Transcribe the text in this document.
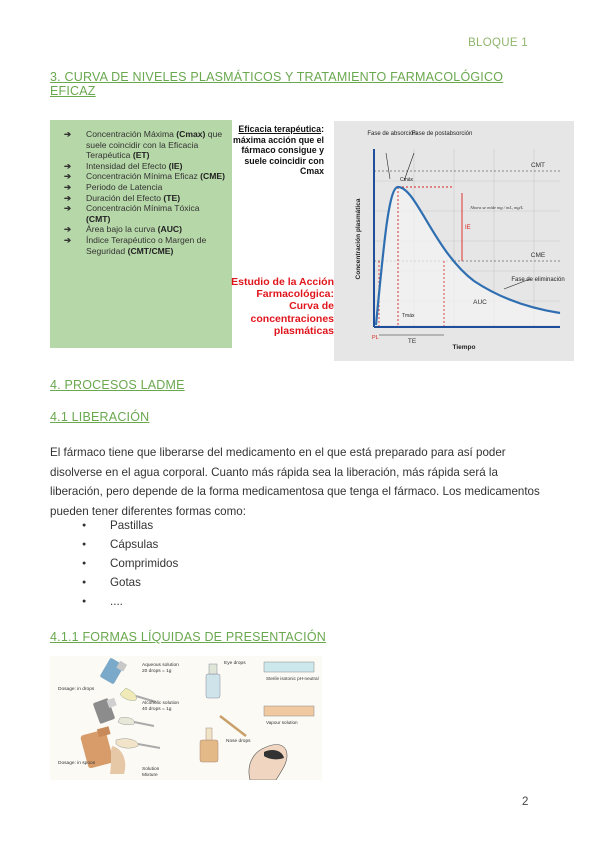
BLOQUE 1
3. CURVA DE NIVELES PLASMÁTICOS Y TRATAMIENTO FARMACOLÓGICO EFICAZ
➔ Concentración Máxima (Cmax) que suele coincidir con la Eficacia Terapéutica (ET)
➔ Intensidad del Efecto (IE)
➔ Concentración Mínima Eficaz (CME)
➔ Periodo de Latencia
➔ Duración del Efecto (TE)
➔ Concentración Mínima Tóxica (CMT)
➔ Área bajo la curva (AUC)
➔ Índice Terapéutico o Margen de Seguridad (CMT/CME)
Eficacia terapéutica: máxima acción que el fármaco consigue y suele coincidir con Cmax
Estudio de la Acción Farmacológica: Curva de concentraciones plasmáticas
Fase de absorción
Fase de postabsorción
CMT
CME
Fase de eliminación
AUC
IE
Cmáx
Tmáx
PL	TE
Tiempo
Concentración plasmática	Ahora se mide mg / mL, mg/L
4. PROCESOS LADME
4.1 LIBERACIÓN
El fármaco tiene que liberarse del medicamento en el que está preparado para así poder disolverse en el agua corporal. Cuanto más rápida sea la liberación, más rápida será la liberación, pero depende de la forma medicamentosa que tenga el fármaco. Los medicamentos pueden tener diferentes formas como:
● Pastillas
● Cápsulas
● Comprimidos
● Gotas
● ....
4.1.1 FORMAS LÍQUIDAS DE PRESENTACIÓN
Dosage: in drops
Dosage: in spoon
Aqueous solution 20 drops = 1g
Alcoholic solution 40 drops = 1g
Solution Mixture
Eye drops
Nose drops
Sterile isotonic pH-neutral
Vapour solution
2
